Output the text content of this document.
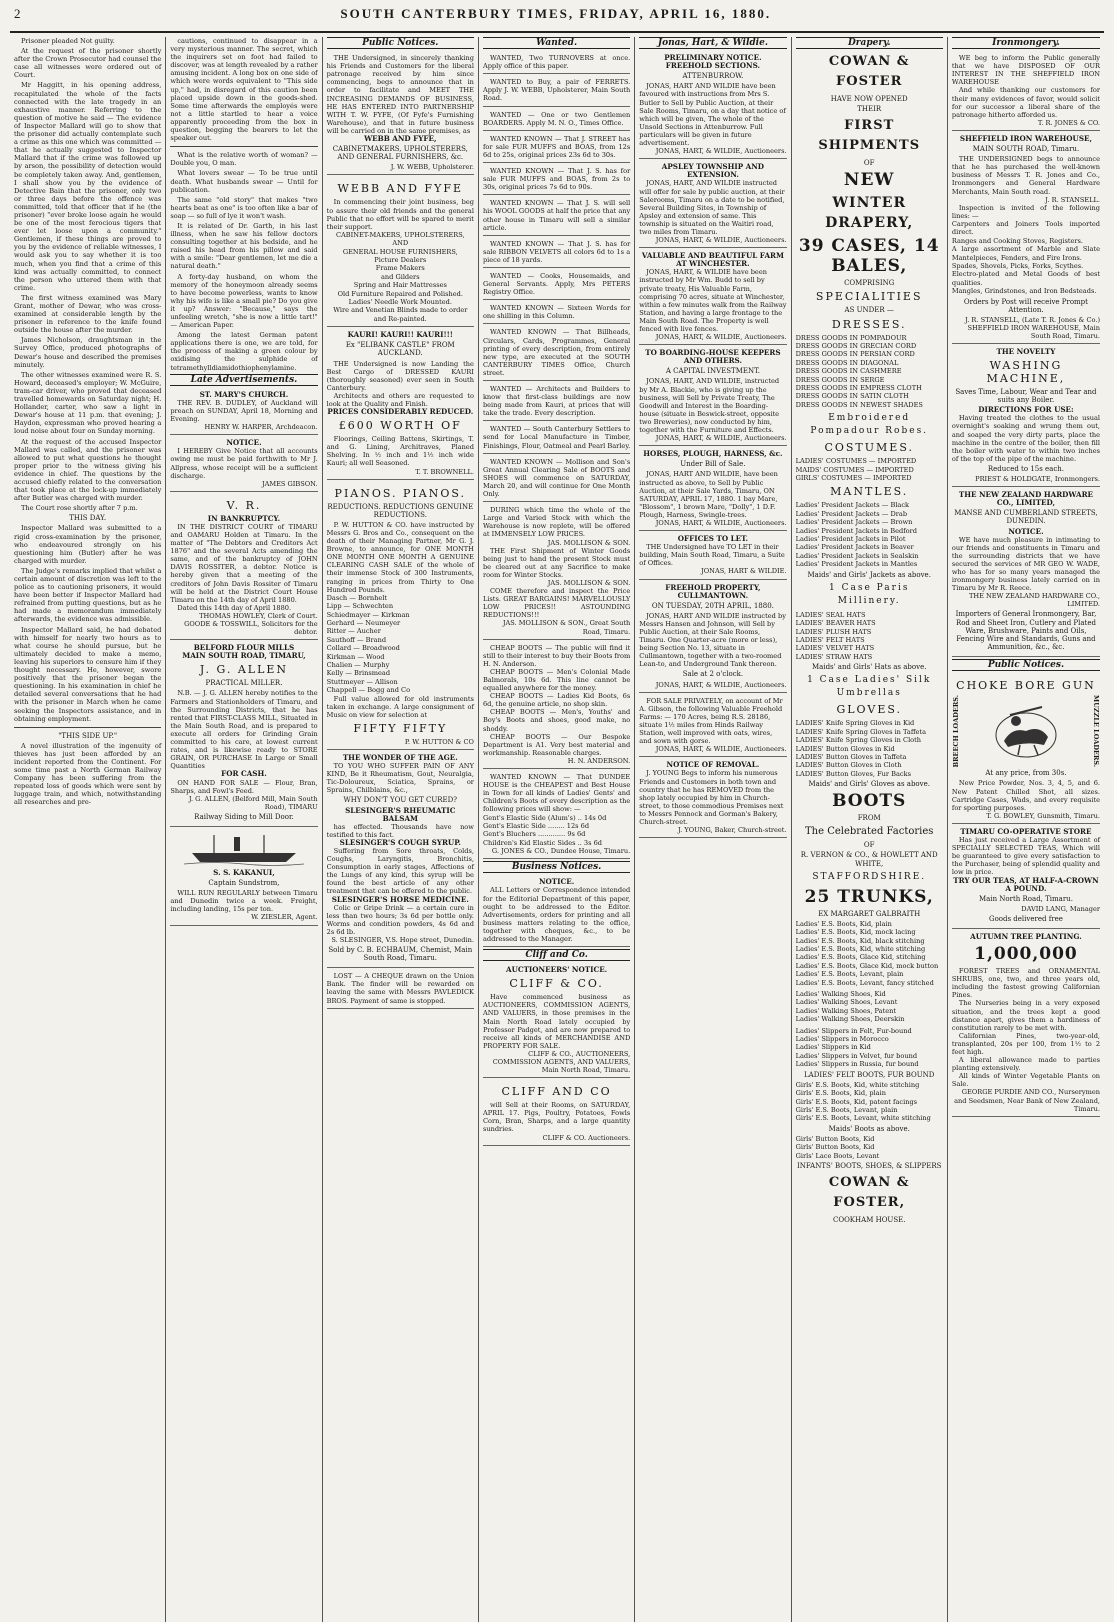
2	SOUTH CANTERBURY TIMES, FRIDAY, APRIL 16, 1880.

Prisoner pleaded Not guilty.

At the request of the prisoner shortly after the Crown Prosecutor had counsel the case all witnesses were ordered out of Court.

Mr Haggitt, in his opening address, recapitulated the whole of the facts connected with the late tragedy in an exhaustive manner. Referring to the question of motive he said — The evidence of Inspector Mallard will go to show that the prisoner did actually contemplate such a crime as this one which was committed — that he actually suggested to Inspector Mallard that if the crime was followed up by arson, the possibility of detection would be completely taken away. And, gentlemen, I shall show you by the evidence of Detective Bain that the prisoner, only two or three days before the offence was committed, told that officer that if he (the prisoner) "ever broke loose again he would be one of the most ferocious tigers that ever let loose upon a community." Gentlemen, if these things are proved to you by the evidence of reliable witnesses, I would ask you to say whether it is too much, when you find that a crime of this kind was actually committed, to connect the person who uttered them with that crime.

The first witness examined was Mary Grant, mother of Dewar, who was cross-examined at considerable length by the prisoner in reference to the knife found outside the house after the murder.

James Nicholson, draughtsman in the Survey Office, produced photographs of Dewar's house and described the premises minutely.

The other witnesses examined were R. S. Howard, deceased's employer; W. McGuire, tram-car driver, who proved that deceased travelled homewards on Saturday night; H. Hollander, carter, who saw a light in Dewar's house at 11 p.m. that evening; J. Haydon, expressman who proved hearing a loud noise about four on Sunday morning.

At the request of the accused Inspector Mallard was called, and the prisoner was allowed to put what questions he thought proper prior to the witness giving his evidence in chief. The questions by the accused chiefly related to the conversation that took place at the lock-up immediately after Butler was charged with murder.

The Court rose shortly after 7 p.m.

THIS DAY.

Inspector Mallard was submitted to a rigid cross-examination by the prisoner, who endeavoured strongly on his questioning him (Butler) after he was charged with murder.

The Judge's remarks implied that whilst a certain amount of discretion was left to the police as to cautioning prisoners, it would have been better if Inspector Mallard had refrained from putting questions, but as he had made a memorandum immediately afterwards, the evidence was admissible.

Inspector Mallard said, he had debated with himself for nearly two hours as to what course he should pursue, but he ultimately decided to make a memo, leaving his superiors to censure him if they thought necessary. He, however, swore positively that the prisoner began the questioning. In his examination in chief he detailed several conversations that he had with the prisoner in March when he came seeking the Inspectors assistance, and in obtaining employment.

"THIS SIDE UP."

A novel illustration of the ingenuity of thieves has just been afforded by an incident reported from the Continent. For some time past a North German Railway Company has been suffering from the repeated loss of goods which were sent by luggage train, and which, notwithstanding all researches and pre-

cautions, continued to disappear in a very mysterious manner. The secret, which the inquirers set on foot had failed to discover, was at length revealed by a rather amusing incident. A long box on one side of which were words equivalent to "This side up," had, in disregard of this caution been placed upside down in the goods-shed. Some time afterwards the employés were not a little startled to hear a voice apparently proceeding from the box in question, begging the bearers to let the speaker out.

What is the relative worth of woman? — Double you, O man.

What lovers swear — To be true until death. What husbands swear — Until for publication.

The same "old story" that makes "two hearts beat as one" is too often like a bar of soap — so full of lye it won't wash.

It is related of Dr. Garth, in his last illness, when he saw his fellow doctors consulting together at his bedside, and he raised his head from his pillow and said with a smile: "Dear gentlemen, let me die a natural death."

A forty-day husband, on whom the memory of the honeymoon already seems to have become powerless, wants to know why his wife is like a small pie? Do you give it up? Answer: "Because," says the unfeeling wretch, "she is now a little tart!" — American Paper.

Among the latest German patent applications there is one, we are told, for the process of making a green colour by oxidising the sulphide of tetramethylldiamidothiophenylamine.

Late Advertisements.
ST. MARY'S CHURCH.
THE REV. B. DUDLEY, of Auckland will preach on SUNDAY, April 18, Morning and Evening.
HENRY W. HARPER, Archdeacon.
NOTICE.
I HEREBY Give Notice that all accounts owing me must be paid forthwith to Mr J. Allpress, whose receipt will be a sufficient discharge.
JAMES GIBSON.
V. R.
IN BANKRUPTCY.
IN THE DISTRICT COURT of TIMARU and OAMARU Holden at Timaru. In the matter of "The Debtors and Creditors Act 1876" and the several Acts amending the same, and of the bankruptcy of JOHN DAVIS ROSSITER, a debtor. Notice is hereby given that a meeting of the creditors of John Davis Rossiter of Timaru will be held at the District Court House Timaru on the 14th day of April 1880.
Dated this 14th day of April 1880.
THOMAS HOWLEY, Clerk of Court.
GOODE & TOSSWILL, Solicitors for the debtor.
BELFORD FLOUR MILLS
MAIN SOUTH ROAD, TIMARU,
J. G. ALLEN
PRACTICAL MILLER.
N.B. — J. G. ALLEN hereby notifies to the Farmers and Stationholders of Timaru, and the Surrounding Districts, that he has rented that FIRST-CLASS MILL, Situated in the Main South Road, and is prepared to execute all orders for Grinding Grain committed to his care, at lowest current rates, and is likewise ready to STORE GRAIN, OR PURCHASE In Large or Small Quantities
FOR CASH.
ON HAND FOR SALE — Flour, Bran, Sharps, and Fowl's Feed.
J. G. ALLEN, (Belford Mill, Main South Road), TIMARU
Railway Siding to Mill Door.
S. S. KAKANUI,
Captain Sundstrom,
WILL RUN REGULARLY between Timaru and Dunedin twice a week. Freight, including landing, 15s per ton.
W. ZIESLER, Agent.
Public Notices.
THE Undersigned, in sincerely thanking his Friends and Customers for the liberal patronage received by him since commencing, begs to announce that in order to facilitate and MEET THE INCREASING DEMANDS OF BUSINESS, HE HAS ENTERED INTO PARTNERSHIP WITH T. W. FYFE, (Of Fyfe's Furnishing Warehouse), and that in future business will be carried on in the same premises, as
WEBB AND FYFE,
CABINETMAKERS, UPHOLSTERERS, AND GENERAL FURNISHERS, &c.
J. W. WEBB, Upholsterer.
WEBB AND FYFE
In commencing their joint business, beg to assure their old friends and the general Public that no effort will be spared to merit their support.
CABINET-MAKERS, UPHOLSTERERS,
AND
GENERAL HOUSE FURNISHERS,
Picture Dealers
Frame Makers
and Gilders
Spring and Hair Mattresses
Old Furniture Repaired and Polished.
Ladies' Needle Work Mounted.
Wire and Venetian Blinds made to order and Re-painted.
KAURI! KAURI!! KAURI!!!
Ex "ELIBANK CASTLE" FROM AUCKLAND.
THE Undersigned is now Landing the Best Cargo of DRESSED KAURI (thoroughly seasoned) ever seen in South Canterbury.
Architects and others are requested to look at the Quality and Finish.
PRICES CONSIDERABLY REDUCED.
£600 WORTH OF
Floorings, Ceiling Battens, Skirtings, T. and G. Lining, Architraves, Planed Shelving. In ½ inch and 1½ inch wide Kauri; all well Seasoned.
T. T. BROWNELL.
PIANOS. PIANOS.
REDUCTIONS. REDUCTIONS GENUINE REDUCTIONS.
P. W. HUTTON & CO. have instructed by Messrs G. Bros and Co., consequent on the death of their Managing Partner, Mr G. J. Browne, to announce, for ONE MONTH ONE MONTH ONE MONTH A GENUINE CLEARING CASH SALE of the whole of their immense Stock of 300 Instruments, ranging in prices from Thirty to One Hundred Pounds.
Dasch — Bornhelt
Lipp — Schwechten
Schiedmayer — Kirkman
Gerhard — Neumeyer
Ritter — Aucher
Sauthoff — Brand
Collard — Broadwood
Kirkman — Wood
Chalien — Murphy
Kelly — Brinsmead
Stuttmeyer — Allison
Chappell — Bogg and Co
Full value allowed for old instruments taken in exchange. A large consignment of Music on view for selection at
FIFTY FIFTY
P. W. HUTTON & CO
THE WONDER OF THE AGE.
TO YOU WHO SUFFER PAIN OF ANY KIND, Be it Rheumatism, Gout, Neuralgia, Tic-Doloureux, Sciatica, Sprains, or Sprains, Chilblains, &c.,
WHY DON'T YOU GET CURED?
SLESINGER'S RHEUMATIC BALSAM
has effected. Thousands have now testified to this fact.
SLESINGER'S COUGH SYRUP.
Suffering from Sore throats, Colds, Coughs, Laryngitis, Bronchitis, Consumption in early stages, Affections of the Lungs of any kind, this syrup will be found the best article of any other treatment that can be offered to the public.
SLESINGER'S HORSE MEDICINE.
Colic or Gripe Drink — a certain cure in less than two hours; 3s 6d per bottle only. Worms and condition powders, 4s 6d and 2s 6d lb.
S. SLESINGER, V.S. Hope street, Dunedin.
Sold by C. B. ECHBAUM, Chemist, Main South Road, Timaru.
LOST — A CHEQUE drawn on the Union Bank. The finder will be rewarded on leaving the same with Messrs PAVLEDICK BROS. Payment of same is stopped.
Wanted.
WANTED, Two TURNOVERS at once. Apply office of this paper.
WANTED to Buy, a pair of FERRETS. Apply J. W. WEBB, Upholsterer, Main South Road.
WANTED — One or two Gentlemen BOARDERS. Apply M. N. O., Times Office.
WANTED KNOWN — That J. STREET has for sale FUR MUFFS and BOAS, from 12s 6d to 25s, original prices 23s 6d to 30s.
WANTED KNOWN — That J. S. has for sale FUR MUFFS and BOAS, from 2s to 30s, original prices 7s 6d to 90s.
WANTED KNOWN — That J. S. will sell his WOOL GOODS at half the price that any other house in Timaru will sell a similar article.
WANTED KNOWN — That J. S. has for sale RIBBON VELVETS all colors 6d to 1s a piece of 18 yards.
WANTED — Cooks, Housemaids, and General Servants. Apply, Mrs PETERS Registry Office.
WANTED KNOWN — Sixteen Words for one shilling in this Column.
WANTED KNOWN — That Billheads, Circulars, Cards, Programmes, General printing of every description, from entirely new type, are executed at the SOUTH CANTERBURY TIMES Office, Church street.
WANTED — Architects and Builders to know that first-class buildings are now being made from Kauri, at prices that will take the trade. Every description.
WANTED — South Canterbury Settlers to send for Local Manufacture in Timber, Finishings, Flour, Oatmeal and Pearl Barley.
WANTED KNOWN — Mollison and Son's Great Annual Clearing Sale of BOOTS and SHOES will commence on SATURDAY, March 20, and will continue for One Month Only.
DURING which time the whole of the Large and Varied Stock with which the Warehouse is now replete, will be offered at IMMENSELY LOW PRICES.
JAS. MOLLISON & SON.
THE First Shipment of Winter Goods being just to hand the present Stock must be cleared out at any Sacrifice to make room for Winter Stocks.
JAS. MOLLISON & SON.
COME therefore and inspect the Price Lists. GREAT BARGAINS! MARVELLOUSLY LOW PRICES!! ASTOUNDING REDUCTIONS!!!
JAS. MOLLISON & SON., Great South Road, Timaru.
CHEAP BOOTS — The public will find it still to their interest to buy their Boots from H. N. Anderson.
CHEAP BOOTS — Men's Colonial Made Balmorals, 10s 6d. This line cannot be equalled anywhere for the money.
CHEAP BOOTS — Ladies Kid Boots, 6s 6d, the genuine article, no shop skin.
CHEAP BOOTS — Men's, Youths' and Boy's Boots and shoes, good make, no shoddy.
CHEAP BOOTS — Our Bespoke Department is A1. Very best material and workmanship. Reasonable charges.
H. N. ANDERSON.
WANTED KNOWN — That DUNDEE HOUSE is the CHEAPEST and Best House in Town for all kinds of Ladies' Gents' and Children's Boots of every description as the following prices will show: —
Gent's Elastic Side (Alum's) .. 14s 0d
Gent's Elastic Side ........ 12s 6d
Gent's Bluchers ............. 9s 6d
Children's Kid Elastic Sides .. 3s 6d
G. JONES & CO., Dundee House, Timaru.
Business Notices.
NOTICE.
ALL Letters or Correspondence intended for the Editorial Department of this paper, ought to be addressed to the Editor. Advertisements, orders for printing and all business matters relating to the office, together with cheques, &c., to be addressed to the Manager.
Cliff and Co.
AUCTIONEERS' NOTICE.
CLIFF & CO.
Have commenced business as AUCTIONEERS, COMMISSION AGENTS, AND VALUERS, in those premises in the Main North Road lately occupied by Professor Padget, and are now prepared to receive all kinds of MERCHANDISE AND PROPERTY FOR SALE.
CLIFF & CO., AUCTIONEERS, COMMISSION AGENTS, AND VALUERS, Main North Road, Timaru.
CLIFF AND CO
will Sell at their Rooms, on SATURDAY, APRIL 17. Pigs, Poultry, Potatoes, Fowls Corn, Bran, Sharps, and a large quantity sundries.
CLIFF & CO. Auctioneers.
Jonas, Hart, & Wildie.
PRELIMINARY NOTICE.
FREEHOLD SECTIONS.
ATTENBURROW.
JONAS, HART AND WILDIE have been favoured with instructions from Mrs S. Butler to Sell by Public Auction, at their Sale Rooms, Timaru, on a day that notice of which will be given, The whole of the Unsold Sections in Attenburrow. Full particulars will be given in future advertisement.
JONAS, HART, & WILDIE, Auctioneers.
APSLEY TOWNSHIP AND EXTENSION.
JONAS, HART, AND WILDIE instructed will offer for sale by public auction, at their Salerooms, Timaru on a date to be notified, Several Building Sites, in Township of Apsley and extension of same. This township is situated on the Waitiri road, two miles from Timaru.
JONAS, HART, & WILDIE, Auctioneers.
VALUABLE AND BEAUTIFUL FARM AT WINCHESTER.
JONAS, HART, & WILDIE have been instructed by Mr Wm. Budd to sell by private treaty, His Valuable Farm, comprising 70 acres, situate at Winchester, within a few minutes walk from the Railway Station, and having a large frontage to the Main South Road. The Property is well fenced with live fences.
JONAS, HART, & WILDIE, Auctioneers.
TO BOARDING-HOUSE KEEPERS AND OTHERS.
A CAPITAL INVESTMENT.
JONAS, HART, AND WILDIE, instructed by Mr A. Blackie, who is giving up the business, will Sell by Private Treaty, The Goodwill and Interest in the Boarding-house (situate in Beswick-street, opposite two Breweries), now conducted by him, together with the Furniture and Effects.
JONAS, HART, & WILDIE, Auctioneers.
HORSES, PLOUGH, HARNESS, &c.
Under Bill of Sale.
JONAS, HART AND WILDIE, have been instructed as above, to Sell by Public Auction, at their Sale Yards, Timaru, ON SATURDAY, APRIL 17, 1880. 1 bay Mare, "Blossom", 1 brown Mare, "Dolly", 1 D.F. Plough, Harness, Swingle-trees.
JONAS, HART, & WILDIE, Auctioneers.
OFFICES TO LET.
THE Undersigned have TO LET in their building, Main South Road, Timaru, a Suite of Offices.
JONAS, HART & WILDIE.
FREEHOLD PROPERTY, CULLMANTOWN.
ON TUESDAY, 20TH APRIL, 1880.
JONAS, HART AND WILDIE instructed by Messrs Hansen and Johnson, will Sell by Public Auction, at their Sale Rooms, Timaru. One Quarter-acre (more or less), being Section No. 13, situate in Cullmantown, together with a two-roomed Lean-to, and Underground Tank thereon.
Sale at 2 o'clock.
JONAS, HART, & WILDIE, Auctioneers.
FOR SALE PRIVATELY, on account of Mr A. Gibson, the following Valuable Freehold Farms: — 170 Acres, being R.S. 28186, situate 1½ miles from Hinds Railway Station, well improved with oats, wires, and sown with gorse.
JONAS, HART, & WILDIE, Auctioneers.
NOTICE OF REMOVAL.
J. YOUNG Begs to inform his numerous Friends and Customers in both town and country that he has REMOVED from the shop lately occupied by him in Church-street, to those commodious Premises next to Messrs Pennock and Gorman's Bakery, Church-street.
J. YOUNG, Baker, Church-street.
Drapery.
COWAN & FOSTER
HAVE NOW OPENED
THEIR
FIRST SHIPMENTS
OF
NEW
WINTER DRAPERY,
39 CASES, 14 BALES,
COMPRISING
SPECIALITIES
AS UNDER —
DRESSES.
DRESS GOODS IN POMPADOUR
DRESS GOODS IN GRECIAN CORD
DRESS GOODS IN PERSIAN CORD
DRESS GOODS IN DIAGONAL
DRESS GOODS IN CASHMERE
DRESS GOODS IN SERGE
DRESS GOODS IN EMPRESS CLOTH
DRESS GOODS IN SATIN CLOTH
DRESS GOODS IN NEWEST SHADES
Embroidered Pompadour Robes.
COSTUMES.
LADIES' COSTUMES — IMPORTED
MAIDS' COSTUMES — IMPORTED
GIRLS' COSTUMES — IMPORTED
MANTLES.
Ladies' President Jackets — Black
Ladies' President Jackets — Drab
Ladies' President Jackets — Brown
Ladies' President Jackets in Bedford
Ladies' President Jackets in Pilot
Ladies' President Jackets in Beaver
Ladies' President Jackets in Sealskin
Ladies' President Jackets in Mantles
Maids' and Girls' Jackets as above.
1 Case Paris Millinery.
LADIES' SEAL HATS
LADIES' BEAVER HATS
LADIES' PLUSH HATS
LADIES' FELT HATS
LADIES' VELVET HATS
LADIES' STRAW HATS
Maids' and Girls' Hats as above.
1 Case Ladies' Silk Umbrellas
GLOVES.
LADIES' Knife Spring Gloves in Kid
LADIES' Knife Spring Gloves in Taffeta
LADIES' Knife Spring Gloves in Cloth
LADIES' Button Gloves in Kid
LADIES' Button Gloves in Taffeta
LADIES' Button Gloves in Cloth
LADIES' Button Gloves, Fur Backs
Maids' and Girls' Gloves as above.
BOOTS
FROM
The Celebrated Factories
OF
R. VERNON & CO., & HOWLETT AND WHITE,
STAFFORDSHIRE.
25 TRUNKS,
EX MARGARET GALBRAITH
Ladies' E.S. Boots, Kid, plain
Ladies' E.S. Boots, Kid, mock lacing
Ladies' E.S. Boots, Kid, black stitching
Ladies' E.S. Boots, Kid, white stitching
Ladies' E.S. Boots, Glace Kid, stitching
Ladies' E.S. Boots, Glace Kid, mock button
Ladies' E.S. Boots, Levant, plain
Ladies' E.S. Boots, Levant, fancy stitched
Ladies' Walking Shoes, Kid
Ladies' Walking Shoes, Levant
Ladies' Walking Shoes, Patent
Ladies' Walking Shoes, Deerskin
Ladies' Slippers in Felt, Fur-bound
Ladies' Slippers in Morocco
Ladies' Slippers in Kid
Ladies' Slippers in Velvet, fur bound
Ladies' Slippers in Russia, fur bound
LADIES' FELT BOOTS, FUR BOUND
Girls' E.S. Boots, Kid, white stitching
Girls' E.S. Boots, Kid, plain
Girls' E.S. Boots, Kid, patent facings
Girls' E.S. Boots, Levant, plain
Girls' E.S. Boots, Levant, white stitching
Maids' Boots as above.
Girls' Button Boots, Kid
Girls' Button Boots, Kid
Girls' Lace Boots, Levant
INFANTS' BOOTS, SHOES, & SLIPPERS
COWAN & FOSTER,
COOKHAM HOUSE.
Ironmongery.
WE beg to inform the Public generally that we have DISPOSED OF OUR INTEREST IN THE SHEFFIELD IRON WAREHOUSE
And while thanking our customers for their many evidences of favor, would solicit for our successor a liberal share of the patronage hitherto afforded us.
T. R. JONES & CO.
SHEFFIELD IRON WAREHOUSE,
MAIN SOUTH ROAD, Timaru.
THE UNDERSIGNED begs to announce that he has purchased the well-known business of Messrs T. R. Jones and Co., Ironmongers and General Hardware Merchants, Main South road.
J. R. STANSELL.
Inspection is invited of the following lines: —
Carpenters and Joiners Tools imported direct.
Ranges and Cooking Stoves, Registers.
A large assortment of Marble and Slate Mantelpieces, Fenders, and Fire Irons.
Spades, Shovels, Picks, Forks, Scythes.
Electro-plated and Metal Goods of best qualities.
Mangles, Grindstones, and Iron Bedsteads.
Orders by Post will receive Prompt Attention.
J. R. STANSELL, (Late T. R. Jones & Co.) SHEFFIELD IRON WAREHOUSE, Main South Road, Timaru.
THE NOVELTY
WASHING MACHINE,
Saves Time, Labour, Wear and Tear and suits any Boiler.
DIRECTIONS FOR USE:
Having treated the clothes to the usual overnight's soaking and wrung them out, and soaped the very dirty parts, place the machine in the centre of the boiler, then fill the boiler with water to within two inches of the top of the pipe of the machine.
Reduced to 15s each.
PRIEST & HOLDGATE, Ironmongers.
THE NEW ZEALAND HARDWARE CO., LIMITED,
MANSE AND CUMBERLAND STREETS, DUNEDIN.
NOTICE.
WE have much pleasure in intimating to our friends and constituents in Timaru and the surrounding districts that we have secured the services of MR GEO W. WADE, who has for so many years managed the ironmongery business lately carried on in Timaru by Mr R. Reece.
THE NEW ZEALAND HARDWARE CO., LIMITED.
Importers of General Ironmongery, Bar, Rod and Sheet Iron, Cutlery and Plated Ware, Brushware, Paints and Oils, Fencing Wire and Standards, Guns and Ammunition, &c., &c.
Public Notices.
CHOKE BORE GUN
BREECH LOADERS.	MUZZLE LOADERS.
At any price, from 30s.
New Price Powder, Nos. 3, 4, 5, and 6. New Patent Chilled Shot, all sizes. Cartridge Cases, Wads, and every requisite for sporting purposes.
T. G. BOWLEY, Gunsmith, Timaru.
TIMARU CO-OPERATIVE STORE
Has just received a Large Assortment of SPECIALLY SELECTED TEAS, Which will be guaranteed to give every satisfaction to the Purchaser, being of splendid quality and low in price.
TRY OUR TEAS, AT HALF-A-CROWN A POUND.
Main North Road, Timaru.
DAVID LANG, Manager
Goods delivered free
AUTUMN TREE PLANTING.
1,000,000
FOREST TREES and ORNAMENTAL SHRUBS, one, two, and three years old, including the fastest growing Californian Pines.
The Nurseries being in a very exposed situation, and the trees kept a good distance apart, gives them a hardiness of constitution rarely to be met with.
Californian Pines, two-year-old, transplanted, 20s per 100, from 1½ to 2 feet high.
A liberal allowance made to parties planting extensively.
All kinds of Winter Vegetable Plants on Sale.
GEORGE PURDIE AND CO., Nurserymen and Seedsmen, Near Bank of New Zealand, Timaru.
